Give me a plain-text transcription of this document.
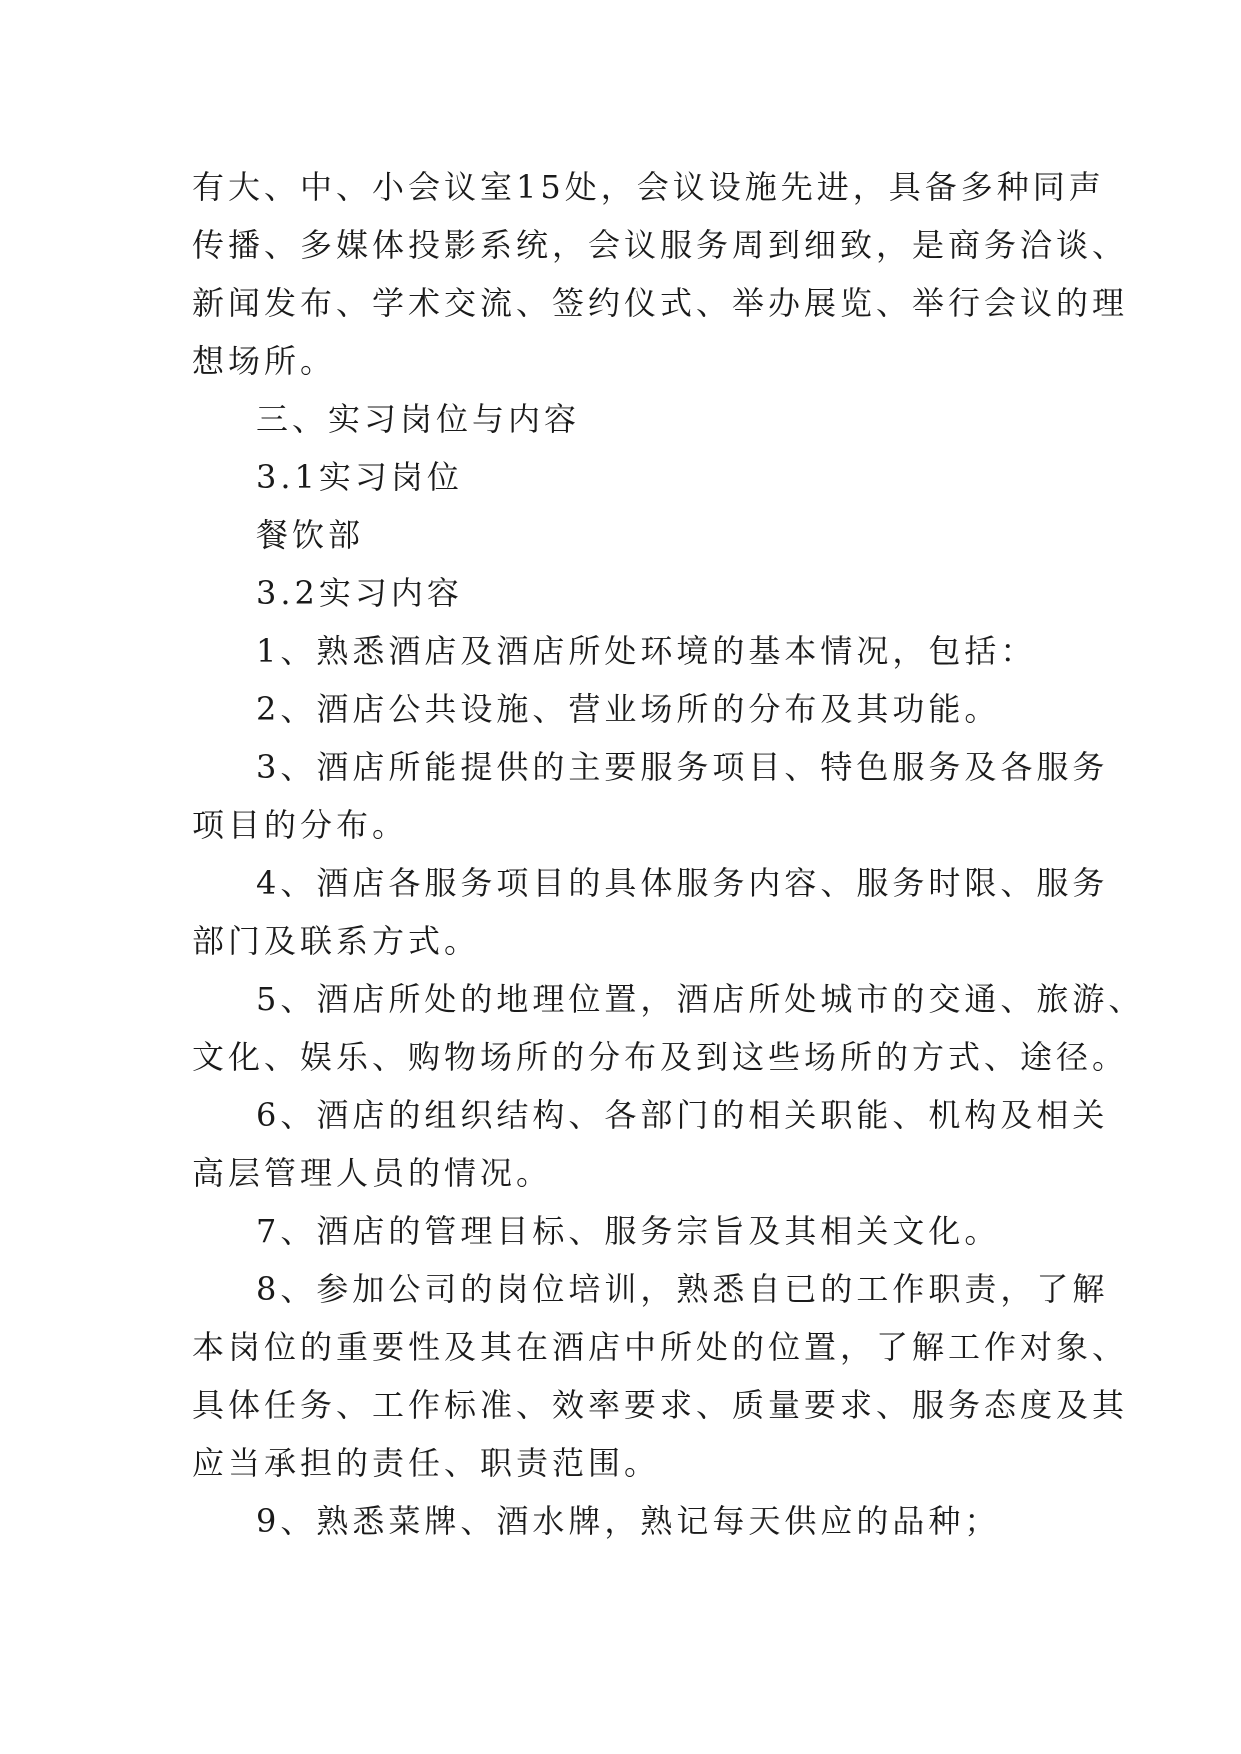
有大、中、小会议室15处，会议设施先进，具备多种同声
传播、多媒体投影系统，会议服务周到细致，是商务洽谈、
新闻发布、学术交流、签约仪式、举办展览、举行会议的理
想场所。
三、实习岗位与内容
3.1实习岗位
餐饮部
3.2实习内容
1、熟悉酒店及酒店所处环境的基本情况，包括：
2、酒店公共设施、营业场所的分布及其功能。
3、酒店所能提供的主要服务项目、特色服务及各服务
项目的分布。
4、酒店各服务项目的具体服务内容、服务时限、服务
部门及联系方式。
5、酒店所处的地理位置，酒店所处城市的交通、旅游、
文化、娱乐、购物场所的分布及到这些场所的方式、途径。
6、酒店的组织结构、各部门的相关职能、机构及相关
高层管理人员的情况。
7、酒店的管理目标、服务宗旨及其相关文化。
8、参加公司的岗位培训，熟悉自已的工作职责，了解
本岗位的重要性及其在酒店中所处的位置，了解工作对象、
具体任务、工作标准、效率要求、质量要求、服务态度及其
应当承担的责任、职责范围。
9、熟悉菜牌、酒水牌，熟记每天供应的品种；
